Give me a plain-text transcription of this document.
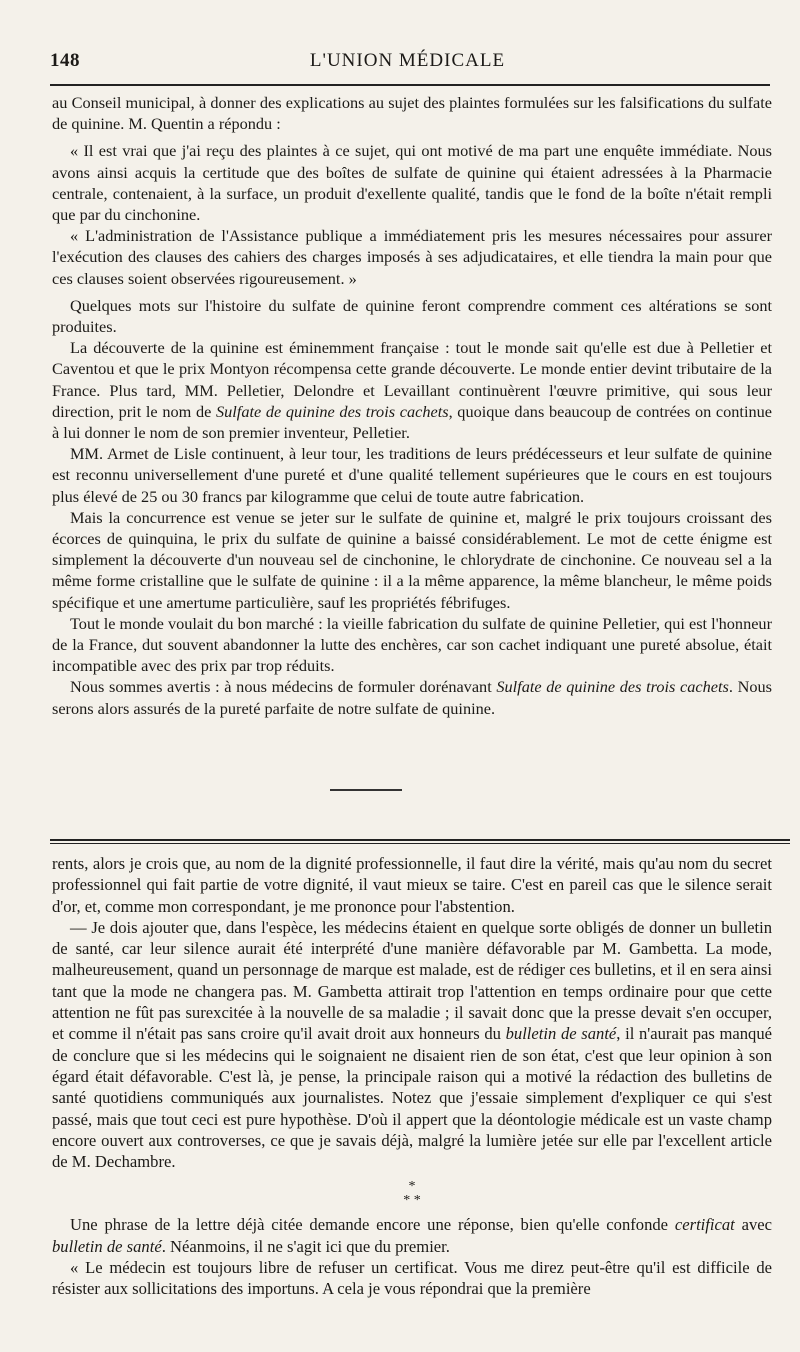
148	L'UNION MÉDICALE

au Conseil municipal, à donner des explications au sujet des plaintes formulées sur les falsifications du sulfate de quinine. M. Quentin a répondu :

« Il est vrai que j'ai reçu des plaintes à ce sujet, qui ont motivé de ma part une enquête immédiate. Nous avons ainsi acquis la certitude que des boîtes de sulfate de quinine qui étaient adressées à la Pharmacie centrale, contenaient, à la surface, un produit d'exellente qualité, tandis que le fond de la boîte n'était rempli que par du cinchonine.

« L'administration de l'Assistance publique a immédiatement pris les mesures nécessaires pour assurer l'exécution des clauses des cahiers des charges imposés à ses adjudicataires, et elle tiendra la main pour que ces clauses soient observées rigoureusement. »

Quelques mots sur l'histoire du sulfate de quinine feront comprendre comment ces altérations se sont produites.

La découverte de la quinine est éminemment française : tout le monde sait qu'elle est due à Pelletier et Caventou et que le prix Montyon récompensa cette grande découverte. Le monde entier devint tributaire de la France. Plus tard, MM. Pelletier, Delondre et Levaillant continuèrent l'œuvre primitive, qui sous leur direction, prit le nom de Sulfate de quinine des trois cachets, quoique dans beaucoup de contrées on continue à lui donner le nom de son premier inventeur, Pelletier.

MM. Armet de Lisle continuent, à leur tour, les traditions de leurs prédécesseurs et leur sulfate de quinine est reconnu universellement d'une pureté et d'une qualité tellement supérieures que le cours en est toujours plus élevé de 25 ou 30 francs par kilogramme que celui de toute autre fabrication.

Mais la concurrence est venue se jeter sur le sulfate de quinine et, malgré le prix toujours croissant des écorces de quinquina, le prix du sulfate de quinine a baissé considérablement. Le mot de cette énigme est simplement la découverte d'un nouveau sel de cinchonine, le chlorydrate de cinchonine. Ce nouveau sel a la même forme cristalline que le sulfate de quinine : il a la même apparence, la même blancheur, le même poids spécifique et une amertume particulière, sauf les propriétés fébrifuges.

Tout le monde voulait du bon marché : la vieille fabrication du sulfate de quinine Pelletier, qui est l'honneur de la France, dut souvent abandonner la lutte des enchères, car son cachet indiquant une pureté absolue, était incompatible avec des prix par trop réduits.

Nous sommes avertis : à nous médecins de formuler dorénavant Sulfate de quinine des trois cachets. Nous serons alors assurés de la pureté parfaite de notre sulfate de quinine.

rents, alors je crois que, au nom de la dignité professionnelle, il faut dire la vérité, mais qu'au nom du secret professionnel qui fait partie de votre dignité, il vaut mieux se taire. C'est en pareil cas que le silence serait d'or, et, comme mon correspondant, je me prononce pour l'abstention.

— Je dois ajouter que, dans l'espèce, les médecins étaient en quelque sorte obligés de donner un bulletin de santé, car leur silence aurait été interprété d'une manière défavorable par M. Gambetta. La mode, malheureusement, quand un personnage de marque est malade, est de rédiger ces bulletins, et il en sera ainsi tant que la mode ne changera pas. M. Gambetta attirait trop l'attention en temps ordinaire pour que cette attention ne fût pas surexcitée à la nouvelle de sa maladie ; il savait donc que la presse devait s'en occuper, et comme il n'était pas sans croire qu'il avait droit aux honneurs du bulletin de santé, il n'aurait pas manqué de conclure que si les médecins qui le soignaient ne disaient rien de son état, c'est que leur opinion à son égard était défavorable. C'est là, je pense, la principale raison qui a motivé la rédaction des bulletins de santé quotidiens communiqués aux journalistes. Notez que j'essaie simplement d'expliquer ce qui s'est passé, mais que tout ceci est pure hypothèse. D'où il appert que la déontologie médicale est un vaste champ encore ouvert aux controverses, ce que je savais déjà, malgré la lumière jetée sur elle par l'excellent article de M. Dechambre.

*
* *

Une phrase de la lettre déjà citée demande encore une réponse, bien qu'elle confonde certificat avec bulletin de santé. Néanmoins, il ne s'agit ici que du premier.

« Le médecin est toujours libre de refuser un certificat. Vous me direz peut-être qu'il est difficile de résister aux sollicitations des importuns. A cela je vous répondrai que la première
